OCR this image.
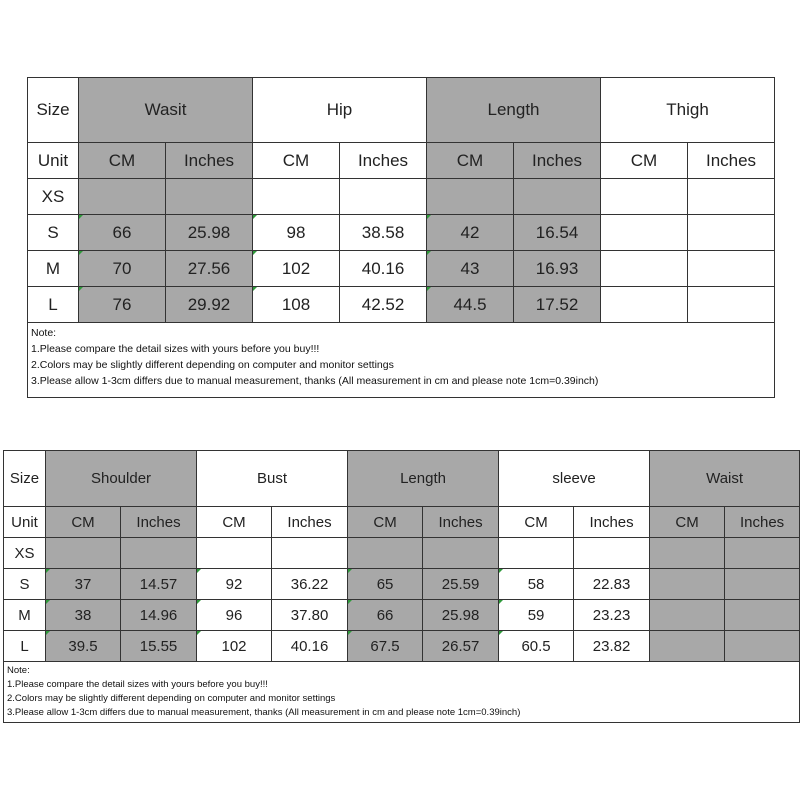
Size	Wasit		Hip		Length		Thigh	
Unit	CM	Inches	CM	Inches	CM	Inches	CM	Inches
XS								
S	66	25.98	98	38.58	42	16.54		
M	70	27.56	102	40.16	43	16.93		
L	76	29.92	108	42.52	44.5	17.52		

Note:
1.Please compare the detail sizes with yours before you buy!!!
2.Colors may be slightly different depending on computer and monitor settings
3.Please allow 1-3cm differs due to manual measurement, thanks (All measurement in cm and please note 1cm=0.39inch)								
Size	Shoulder		Bust		Length		sleeve		Waist	
Unit	CM	Inches	CM	Inches	CM	Inches	CM	Inches	CM	Inches
XS										
S	37	14.57	92	36.22	65	25.59	58	22.83		
M	38	14.96	96	37.80	66	25.98	59	23.23		
L	39.5	15.55	102	40.16	67.5	26.57	60.5	23.82		

Note:
1.Please compare the detail sizes with yours before you buy!!!
2.Colors may be slightly different depending on computer and monitor settings
3.Please allow 1-3cm differs due to manual measurement, thanks (All measurement in cm and please note 1cm=0.39inch)										
